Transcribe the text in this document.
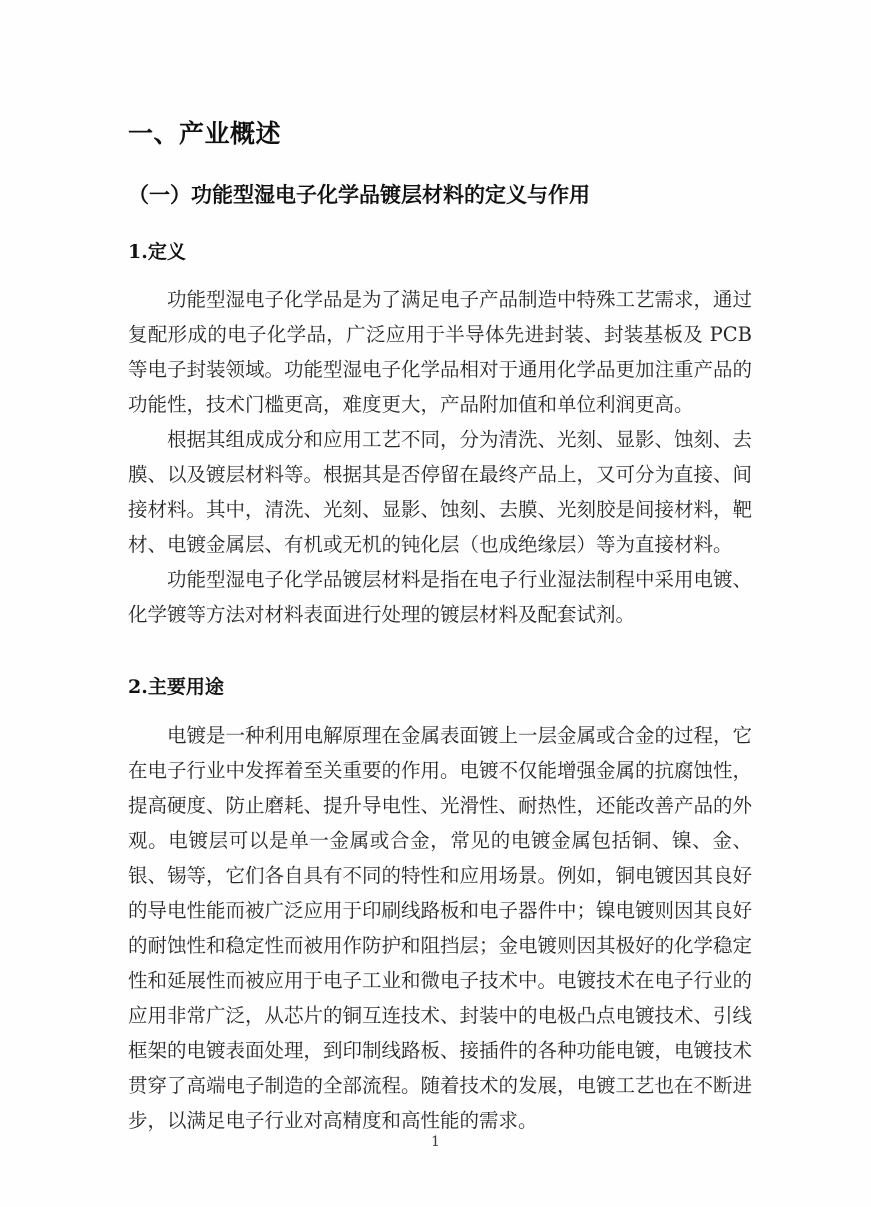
一、产业概述
（一）功能型湿电子化学品镀层材料的定义与作用
1.定义

功能型湿电子化学品是为了满足电子产品制造中特殊工艺需求，通过复配形成的电子化学品，广泛应用于半导体先进封装、封装基板及 PCB 等电子封装领域。功能型湿电子化学品相对于通用化学品更加注重产品的功能性，技术门槛更高，难度更大，产品附加值和单位利润更高。

根据其组成成分和应用工艺不同，分为清洗、光刻、显影、蚀刻、去膜、以及镀层材料等。根据其是否停留在最终产品上，又可分为直接、间接材料。其中，清洗、光刻、显影、蚀刻、去膜、光刻胶是间接材料，靶材、电镀金属层、有机或无机的钝化层（也成绝缘层）等为直接材料。

功能型湿电子化学品镀层材料是指在电子行业湿法制程中采用电镀、化学镀等方法对材料表面进行处理的镀层材料及配套试剂。

2.主要用途

电镀是一种利用电解原理在金属表面镀上一层金属或合金的过程，它在电子行业中发挥着至关重要的作用。电镀不仅能增强金属的抗腐蚀性，提高硬度、防止磨耗、提升导电性、光滑性、耐热性，还能改善产品的外观。电镀层可以是单一金属或合金，常见的电镀金属包括铜、镍、金、银、锡等，它们各自具有不同的特性和应用场景。例如，铜电镀因其良好的导电性能而被广泛应用于印刷线路板和电子器件中；镍电镀则因其良好的耐蚀性和稳定性而被用作防护和阻挡层；金电镀则因其极好的化学稳定性和延展性而被应用于电子工业和微电子技术中。电镀技术在电子行业的应用非常广泛，从芯片的铜互连技术、封装中的电极凸点电镀技术、引线框架的电镀表面处理，到印制线路板、接插件的各种功能电镀，电镀技术贯穿了高端电子制造的全部流程。随着技术的发展，电镀工艺也在不断进步，以满足电子行业对高精度和高性能的需求。

1
